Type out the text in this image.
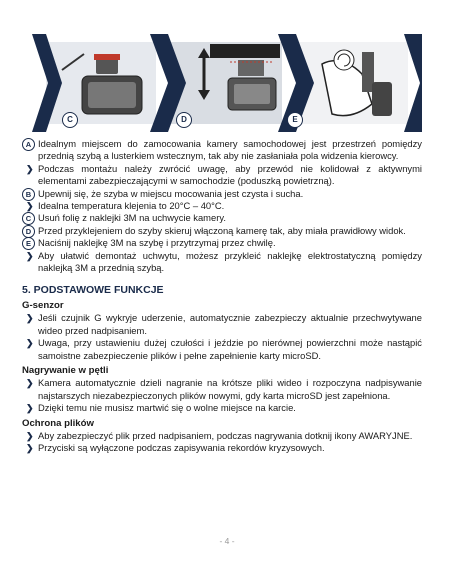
C	D	E
A Idealnym miejscem do zamocowania kamery samochodowej jest przestrzeń pomiędzy przednią szybą a lusterkiem wstecznym, tak aby nie zasłaniała pola widzenia kierowcy.
❯ Podczas montażu należy zwrócić uwagę, aby przewód nie kolidował z aktywnymi elementami zabezpieczającymi w samochodzie (poduszką powietrzną).
B Upewnij się, że szyba w miejscu mocowania jest czysta i sucha.
❯ Idealna temperatura klejenia to 20°C – 40°C.
C Usuń folię z naklejki 3M na uchwycie kamery.
D Przed przyklejeniem do szyby skieruj włączoną kamerę tak, aby miała prawidłowy widok.
E Naciśnij naklejkę 3M na szybę i przytrzymaj przez chwilę.
❯ Aby ułatwić demontaż uchwytu, możesz przykleić naklejkę elektrostatyczną pomiędzy naklejką 3M a przednią szybą.
5. PODSTAWOWE FUNKCJE
G-senzor
❯ Jeśli czujnik G wykryje uderzenie, automatycznie zabezpieczy aktualnie przechwytywane wideo przed nadpisaniem.
❯ Uwaga, przy ustawieniu dużej czułości i jeździe po nierównej powierzchni może nastąpić samoistne zabezpieczenie plików i pełne zapełnienie karty microSD.
Nagrywanie w pętli
❯ Kamera automatycznie dzieli nagranie na krótsze pliki wideo i rozpoczyna nadpisywanie najstarszych niezabezpieczonych plików nowymi, gdy karta microSD jest zapełniona.
❯ Dzięki temu nie musisz martwić się o wolne miejsce na karcie.
Ochrona plików
❯ Aby zabezpieczyć plik przed nadpisaniem, podczas nagrywania dotknij ikony AWARYJNE.
❯ Przyciski są wyłączone podczas zapisywania rekordów kryzysowych.
- 4 -
